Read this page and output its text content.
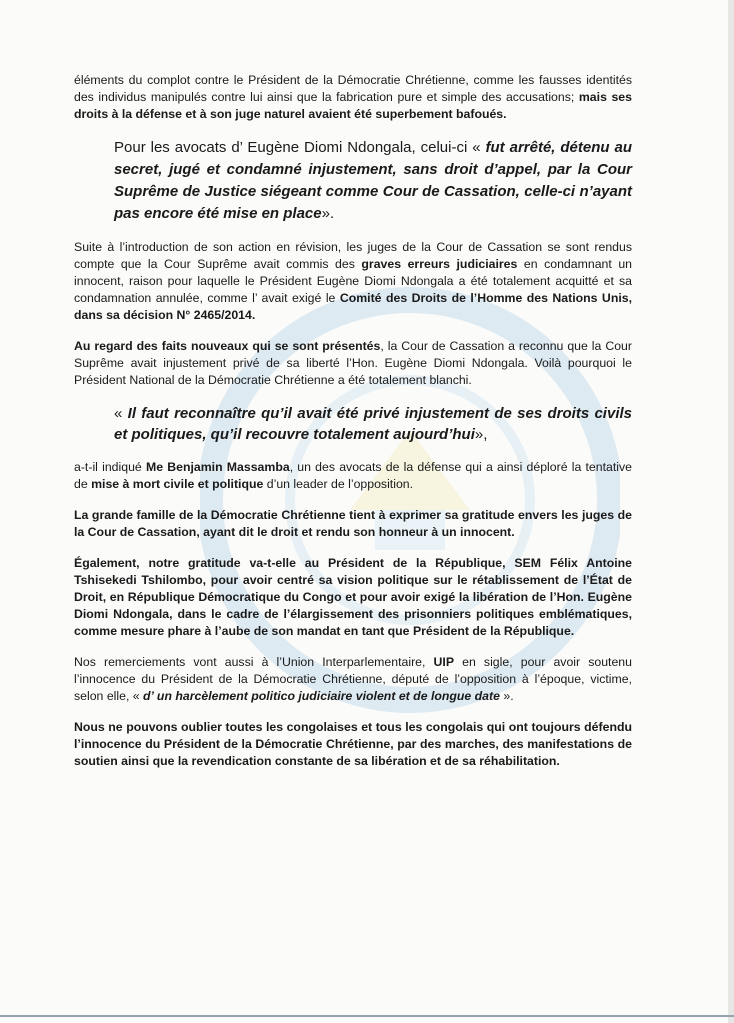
éléments du complot contre le Président de la Démocratie Chrétienne, comme les fausses identités des individus manipulés contre lui ainsi que la fabrication pure et simple des accusations; mais ses droits à la défense et à son juge naturel avaient été superbement bafoués.

Pour les avocats d’ Eugène Diomi Ndongala, celui-ci « fut arrêté, détenu au secret, jugé et condamné injustement, sans droit d’appel, par la Cour Suprême de Justice siégeant comme Cour de Cassation, celle-ci n’ayant pas encore été mise en place».

Suite à l’introduction de son action en révision, les juges de la Cour de Cassation se sont rendus compte que la Cour Suprême avait commis des graves erreurs judiciaires en condamnant un innocent, raison pour laquelle le Président Eugène Diomi Ndongala a été totalement acquitté et sa condamnation annulée, comme l’ avait exigé le Comité des Droits de l’Homme des Nations Unis, dans sa décision N° 2465/2014.

Au regard des faits nouveaux qui se sont présentés, la Cour de Cassation a reconnu que la Cour Suprême avait injustement privé de sa liberté l’Hon. Eugène Diomi Ndongala. Voilà pourquoi le Président National de la Démocratie Chrétienne a été totalement blanchi.

« Il faut reconnaître qu’il avait été privé injustement de ses droits civils et politiques, qu’il recouvre totalement aujourd’hui»,

a-t-il indiqué Me Benjamin Massamba, un des avocats de la défense qui a ainsi déploré la tentative de mise à mort civile et politique d’un leader de l’opposition.

La grande famille de la Démocratie Chrétienne tient à exprimer sa gratitude envers les juges de la Cour de Cassation, ayant dit le droit et rendu son honneur à un innocent.

Également, notre gratitude va-t-elle au Président de la République, SEM Félix Antoine Tshisekedi Tshilombo, pour avoir centré sa vision politique sur le rétablissement de l’État de Droit, en République Démocratique du Congo et pour avoir exigé la libération de l’Hon. Eugène Diomi Ndongala, dans le cadre de l’élargissement des prisonniers politiques emblématiques, comme mesure phare à l’aube de son mandat en tant que Président de la République.

Nos remerciements vont aussi à l’Union Interparlementaire, UIP en sigle, pour avoir soutenu l’innocence du Président de la Démocratie Chrétienne, député de l’opposition à l’époque, victime, selon elle, « d’ un harcèlement politico judiciaire violent et de longue date ».

Nous ne pouvons oublier toutes les congolaises et tous les congolais qui ont toujours défendu l’innocence du Président de la Démocratie Chrétienne, par des marches, des manifestations de soutien ainsi que la revendication constante de sa libération et de sa réhabilitation.
